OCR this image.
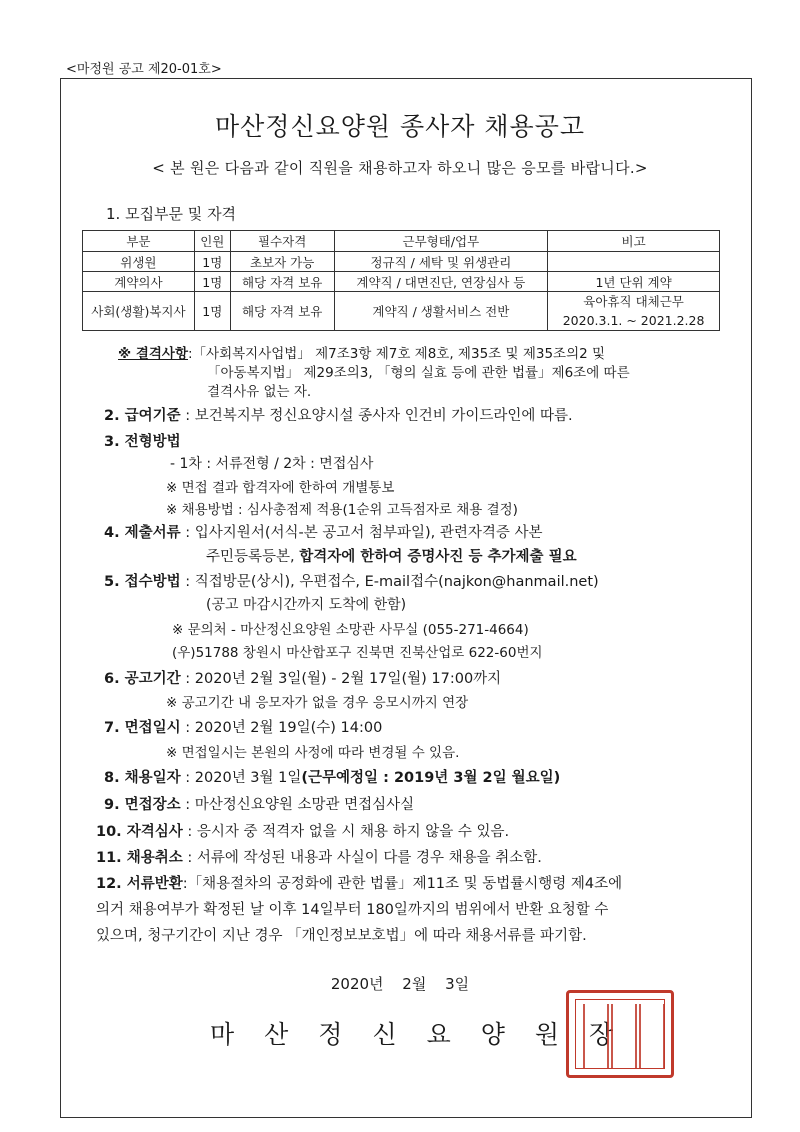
<마정원 공고 제20-01호>
마산정신요양원 종사자 채용공고
< 본 원은 다음과 같이 직원을 채용하고자 하오니 많은 응모를 바랍니다.>
1. 모집부문 및 자격
부문	인원	필수자격	근무형태/업무	비고
위생원	1명	초보자 가능	정규직 / 세탁 및 위생관리	
계약의사	1명	해당 자격 보유	계약직 / 대면진단, 연장심사 등	1년 단위 계약
사회(생활)복지사	1명	해당 자격 보유	계약직 / 생활서비스 전반	육아휴직 대체근무
2020.3.1. ~ 2021.2.28
※ 결격사항:「사회복지사업법」 제7조3항 제7호 제8호, 제35조 및 제35조의2 및
「아동복지법」 제29조의3, 「형의 실효 등에 관한 법률」제6조에 따른
결격사유 없는 자.
2. 급여기준 : 보건복지부 정신요양시설 종사자 인건비 가이드라인에 따름.
3. 전형방법
- 1차 : 서류전형 / 2차 : 면접심사
※ 면접 결과 합격자에 한하여 개별통보
※ 채용방법 : 심사총점제 적용(1순위 고득점자로 채용 결정)
4. 제출서류 : 입사지원서(서식-본 공고서 첨부파일), 관련자격증 사본
주민등록등본, 합격자에 한하여 증명사진 등 추가제출 필요
5. 접수방법 : 직접방문(상시), 우편접수, E-mail접수(najkon@hanmail.net)
(공고 마감시간까지 도착에 한함)
※ 문의처 - 마산정신요양원 소망관 사무실 (055-271-4664)
(우)51788 창원시 마산합포구 진북면 진북산업로 622-60번지
6. 공고기간 : 2020년 2월 3일(월) - 2월 17일(월) 17:00까지
※ 공고기간 내 응모자가 없을 경우 응모시까지 연장
7. 면접일시 : 2020년 2월 19일(수) 14:00
※ 면접일시는 본원의 사정에 따라 변경될 수 있음.
8. 채용일자 : 2020년 3월 1일(근무예정일 : 2019년 3월 2일 월요일)
9. 면접장소 : 마산정신요양원 소망관 면접심사실
10. 자격심사 : 응시자 중 적격자 없을 시 채용 하지 않을 수 있음.
11. 채용취소 : 서류에 작성된 내용과 사실이 다를 경우 채용을 취소함.
12. 서류반환:「채용절차의 공정화에 관한 법률」제11조 및 동법률시행령 제4조에
의거 채용여부가 확정된 날 이후 14일부터 180일까지의 범위에서 반환 요청할 수
있으며, 청구기간이 지난 경우 「개인정보보호법」에 따라 채용서류를 파기함.
2020년 2월 3일
마산정신요양원장
